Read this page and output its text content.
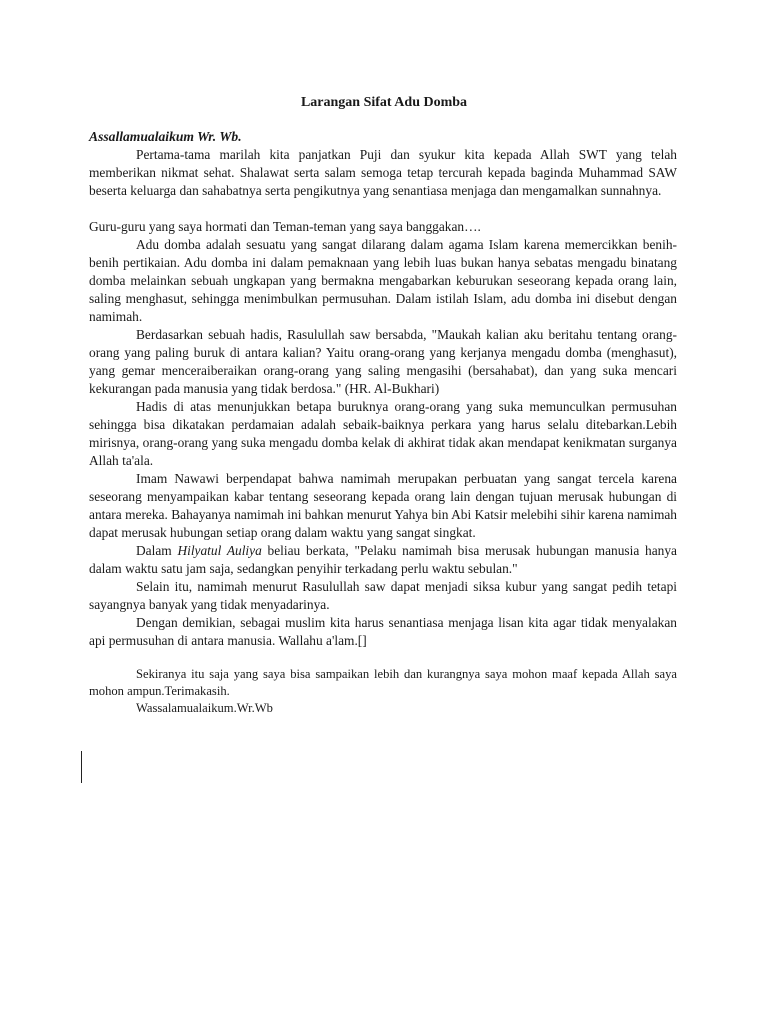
Larangan Sifat Adu Domba

Assallamualaikum Wr. Wb.

Pertama-tama marilah kita panjatkan Puji dan syukur kita kepada Allah SWT yang telah memberikan nikmat sehat. Shalawat serta salam semoga tetap tercurah kepada baginda Muhammad SAW beserta keluarga dan sahabatnya serta pengikutnya yang senantiasa menjaga dan mengamalkan sunnahnya.

Guru-guru yang saya hormati dan Teman-teman yang saya banggakan….

Adu domba adalah sesuatu yang sangat dilarang dalam agama Islam karena memercikkan benih-benih pertikaian. Adu domba ini dalam pemaknaan yang lebih luas bukan hanya sebatas mengadu binatang domba melainkan sebuah ungkapan yang bermakna mengabarkan keburukan seseorang kepada orang lain, saling menghasut, sehingga menimbulkan permusuhan. Dalam istilah Islam, adu domba ini disebut dengan namimah.

Berdasarkan sebuah hadis, Rasulullah saw bersabda, "Maukah kalian aku beritahu tentang orang-orang yang paling buruk di antara kalian? Yaitu orang-orang yang kerjanya mengadu domba (menghasut), yang gemar menceraiberaikan orang-orang yang saling mengasihi (bersahabat), dan yang suka mencari kekurangan pada manusia yang tidak berdosa." (HR. Al-Bukhari)

Hadis di atas menunjukkan betapa buruknya orang-orang yang suka memunculkan permusuhan sehingga bisa dikatakan perdamaian adalah sebaik-baiknya perkara yang harus selalu ditebarkan.Lebih mirisnya, orang-orang yang suka mengadu domba kelak di akhirat tidak akan mendapat kenikmatan surganya Allah ta'ala.

Imam Nawawi berpendapat bahwa namimah merupakan perbuatan yang sangat tercela karena seseorang menyampaikan kabar tentang seseorang kepada orang lain dengan tujuan merusak hubungan di antara mereka. Bahayanya namimah ini bahkan menurut Yahya bin Abi Katsir melebihi sihir karena namimah dapat merusak hubungan setiap orang dalam waktu yang sangat singkat.

Dalam Hilyatul Auliya beliau berkata, "Pelaku namimah bisa merusak hubungan manusia hanya dalam waktu satu jam saja, sedangkan penyihir terkadang perlu waktu sebulan."

Selain itu, namimah menurut Rasulullah saw dapat menjadi siksa kubur yang sangat pedih tetapi sayangnya banyak yang tidak menyadarinya.

Dengan demikian, sebagai muslim kita harus senantiasa menjaga lisan kita agar tidak menyalakan api permusuhan di antara manusia. Wallahu a'lam.[]

Sekiranya itu saja yang saya bisa sampaikan lebih dan kurangnya saya mohon maaf kepada Allah saya mohon ampun.Terimakasih.

Wassalamualaikum.Wr.Wb
